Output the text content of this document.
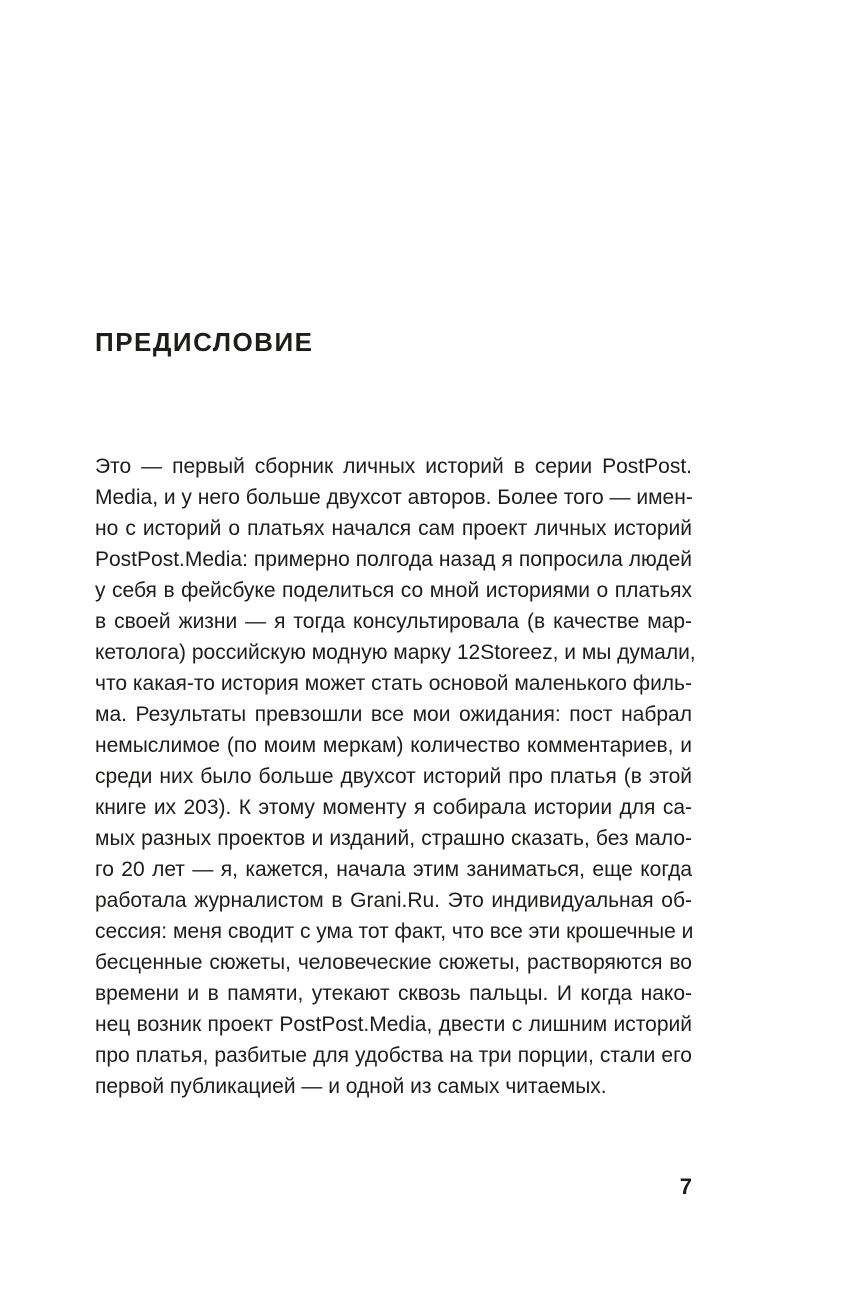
ПРЕДИСЛОВИЕ
Это — первый сборник личных историй в серии PostPost.
Media, и у него больше двухсот авторов. Более того — имен-
но с историй о платьях начался сам проект личных историй
PostPost.Media: примерно полгода назад я попросила людей
у себя в фейсбуке поделиться со мной историями о платьях
в своей жизни — я тогда консультировала (в качестве мар-
кетолога) российскую модную марку 12Storeez, и мы думали,
что какая-то история может стать основой маленького филь-
ма. Результаты превзошли все мои ожидания: пост набрал
немыслимое (по моим меркам) количество комментариев, и
среди них было больше двухсот историй про платья (в этой
книге их 203). К этому моменту я собирала истории для са-
мых разных проектов и изданий, страшно сказать, без мало-
го 20 лет — я, кажется, начала этим заниматься, еще когда
работала журналистом в Grani.Ru. Это индивидуальная об-
сессия: меня сводит с ума тот факт, что все эти крошечные и
бесценные сюжеты, человеческие сюжеты, растворяются во
времени и в памяти, утекают сквозь пальцы. И когда нако-
нец возник проект PostPost.Media, двести с лишним историй
про платья, разбитые для удобства на три порции, стали его
первой публикацией — и одной из самых читаемых.
7
